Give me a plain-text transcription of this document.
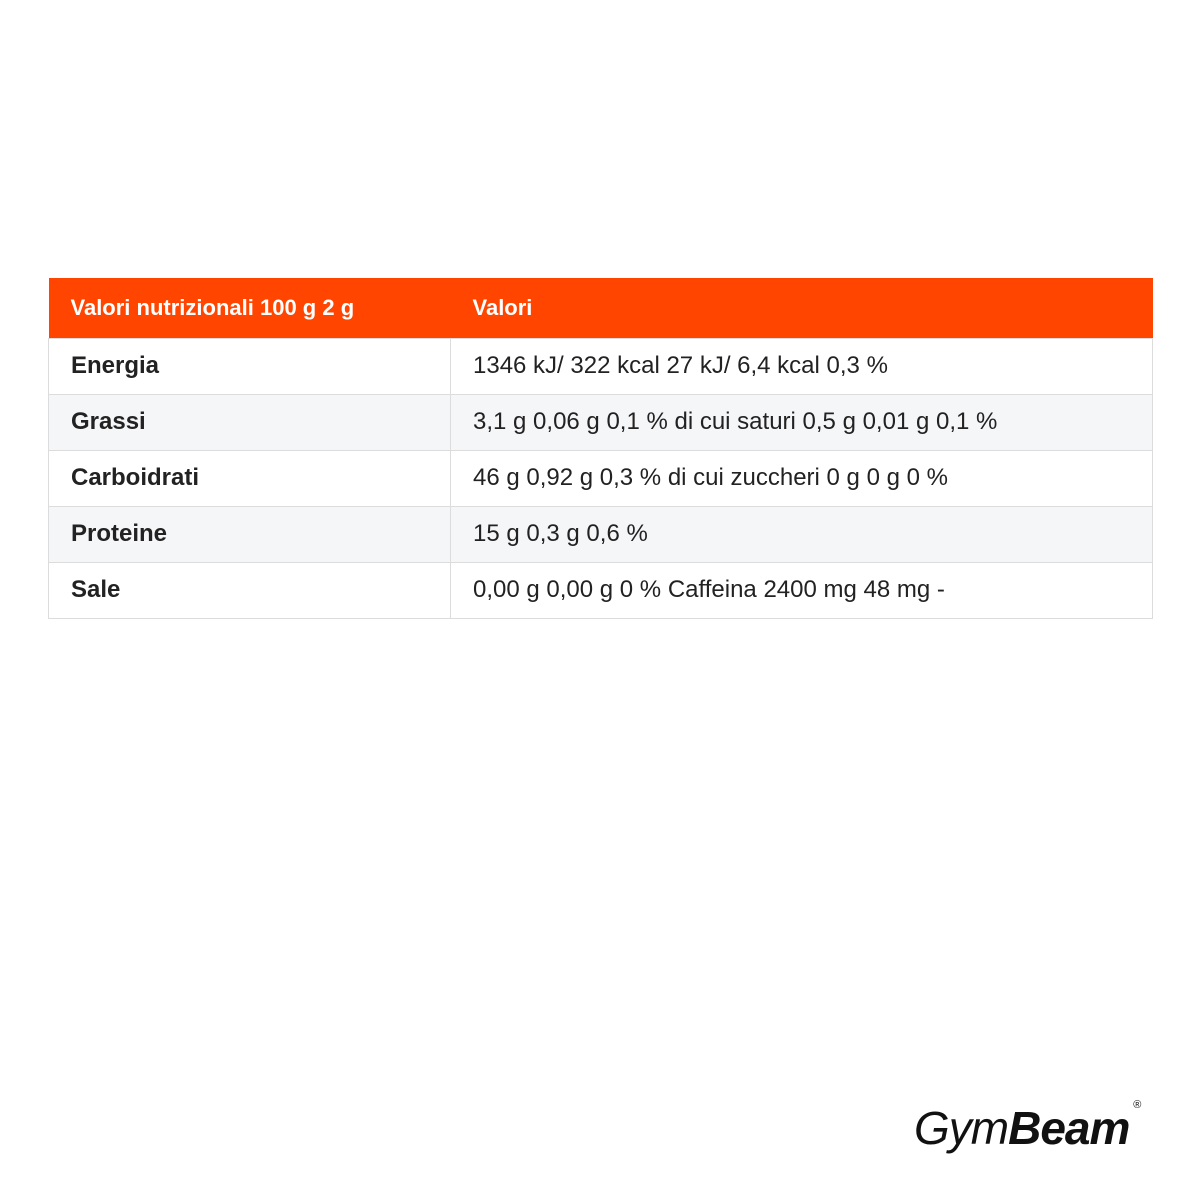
Valori nutrizionali 100 g 2 g	Valori
Energia	1346 kJ/ 322 kcal 27 kJ/ 6,4 kcal 0,3 %
Grassi	3,1 g 0,06 g 0,1 % di cui saturi 0,5 g 0,01 g 0,1 %
Carboidrati	46 g 0,92 g 0,3 % di cui zuccheri 0 g 0 g 0 %
Proteine	15 g 0,3 g 0,6 %
Sale	0,00 g 0,00 g 0 % Caffeina 2400 mg 48 mg -
GymBeam ®
